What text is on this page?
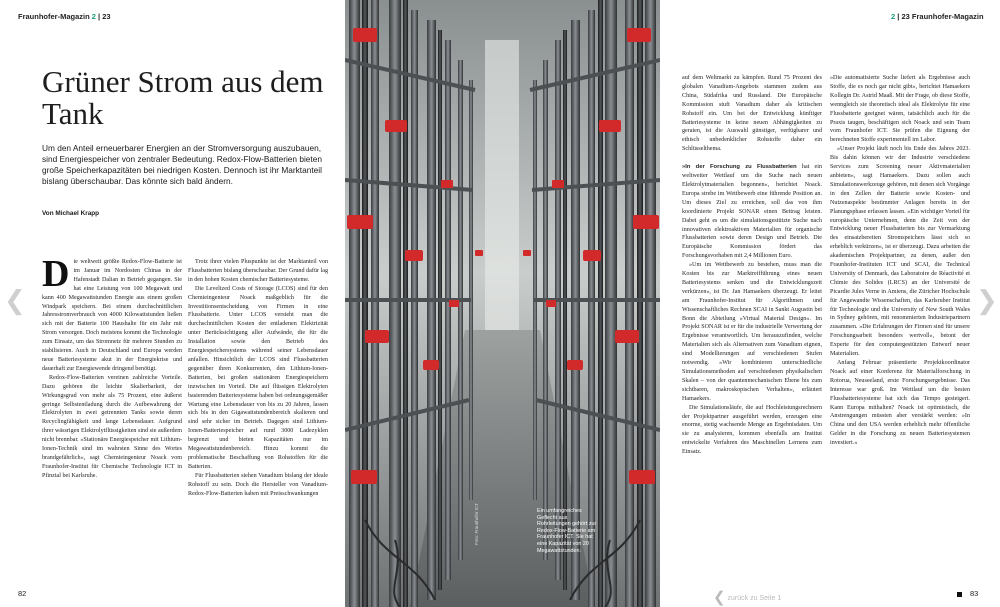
Fraunhofer-Magazin 2 | 23	2 | 23 Fraunhofer-Magazin
Grüner Strom aus dem Tank
Um den Anteil erneuerbarer Energien an der Stromversorgung auszubauen, sind Energiespeicher von zentraler Bedeutung. Redox-Flow-Batterien bieten große Speicherkapazitäten bei niedrigen Kosten. Dennoch ist ihr Marktanteil bislang überschaubar. Das könnte sich bald ändern.
Von Michael Krapp

Die weltweit größte Redox-Flow-Batterie ist im Januar im Nordosten Chinas in der Hafenstadt Dalian in Betrieb gegangen. Sie hat eine Leistung von 100 Megawatt und kann 400 Megawattstunden Energie aus einem großen Windpark speichern. Bei einem durchschnittlichen Jahresstromverbrauch von 4000 Kilowattstunden ließen sich mit der Batterie 100 Haushalte für ein Jahr mit Strom versorgen. Doch meistens kommt die Technologie zum Einsatz, um das Stromnetz für mehrere Stunden zu stabilisieren. Auch in Deutschland und Europa werden neue Batteriesysteme akut in der Energiekrise und dauerhaft zur Energiewende dringend benötigt.

Redox-Flow-Batterien vereinen zahlreiche Vorteile. Dazu gehören die leichte Skalierbarkeit, der Wirkungsgrad von mehr als 75 Prozent, eine äußerst geringe Selbstentladung durch die Aufbewahrung der Elektrolyten in zwei getrennten Tanks sowie deren Recyclingfähigkeit und lange Lebensdauer. Aufgrund ihrer wässrigen Elektrolytflüssigkeiten sind sie außerdem nicht brennbar. »Stationäre Energiespeicher mit Lithium-Ionen-Technik sind im wahrsten Sinne des Wortes brandgefährlich«, sagt Chemieingenieur Noack vom Fraunhofer-Institut für Chemische Technologie ICT in Pfinztal bei Karlsruhe.

Trotz ihrer vielen Pluspunkte ist der Marktanteil von Flussbatterien bislang überschaubar. Der Grund dafür lag in den hohen Kosten chemischer Batteriesysteme.

Die Levelized Costs of Storage (LCOS) sind für den Chemieingenieur Noack maßgeblich für die Investitionsentscheidung von Firmen in eine Flussbatterie. Unter LCOS versteht man die durchschnittlichen Kosten der entladenen Elektrizität unter Berücksichtigung aller Aufwände, die für die Installation sowie den Betrieb des Energiespeichersystems während seiner Lebensdauer anfallen. Hinsichtlich der LCOS sind Flussbatterien gegenüber ihren Konkurrenten, den Lithium-Ionen-Batterien, bei großen stationären Energiespeichern inzwischen im Vorteil. Die auf flüssigen Elektrolyten basierenden Batteriesysteme haben bei ordnungsgemäßer Wartung eine Lebensdauer von bis zu 20 Jahren, lassen sich bis in den Gigawattstundenbereich skalieren und sind sehr sicher im Betrieb. Dagegen sind Lithium-Ionen-Batteriespeicher auf rund 3000 Ladezyklen begrenzt und bieten Kapazitäten nur im Megawattstundenbereich. Hinzu kommt die problematische Beschaffung von Rohstoffen für die Batterien.

Für Flussbatterien stehen Vanadium bislang der ideale Rohstoff zu sein. Doch die Hersteller von Vanadium-Redox-Flow-Batterien haben mit Preisschwankungen

Ein umfangreiches Geflecht aus Rohrleitungen gehört zur Redox-Flow-Batterie am Fraunhofer ICT. Sie hat eine Kapazität von 20 Megawattstunden.
Foto: Fraunhofer ICT

auf dem Weltmarkt zu kämpfen. Rund 75 Prozent des globalen Vanadium-Angebots stammen zudem aus China, Südafrika und Russland. Die Europäische Kommission stuft Vanadium daher als kritischen Rohstoff ein. Um bei der Entwicklung künftiger Batteriesysteme in keine neuen Abhängigkeiten zu geraten, ist die Auswahl günstiger, verfügbarer und ethisch unbedenklicher Rohstoffe daher ein Schlüsselthema.

»In der Forschung zu Flussbatterien hat ein weltweiter Wettlauf um die Suche nach neuen Elektrolytmaterialien begonnen«, berichtet Noack. Europa strebe im Wettbewerb eine führende Position an. Um dieses Ziel zu erreichen, soll das von ihm koordinierte Projekt SONAR einen Beitrag leisten. Dabei geht es um die simulationsgestützte Suche nach innovativen elektroaktiven Materialien für organische Flussbatterien sowie deren Design und Betrieb. Die Europäische Kommission fördert das Forschungsvorhaben mit 2,4 Millionen Euro.

»Um im Wettbewerb zu bestehen, muss man die Kosten bis zur Marktreifführung eines neuen Batteriesystems senken und die Entwicklungszeit verkürzen«, ist Dr. Jan Hamaekers überzeugt. Er leitet am Fraunhofer-Institut für Algorithmen und Wissenschaftliches Rechnen SCAI in Sankt Augustin bei Bonn die Abteilung »Virtual Material Design«. Im Projekt SONAR ist er für die industrielle Verwertung der Ergebnisse verantwortlich. Um herauszufinden, welche Materialien sich als Alternativen zum Vanadium eignen, sind Modellierungen auf verschiedenen Stufen notwendig. »Wir kombinieren unterschiedliche Simulationsmethoden auf verschiedenen physikalischen Skalen – von der quantenmechanischen Ebene bis zum sichtbaren, makroskopischen Verhalten«, erläutert Hamaekers.

Die Simulationsläufe, die auf Hochleistungsrechnern der Projektpartner ausgeführt werden, erzeugen eine enorme, stetig wachsende Menge an Ergebnisdaten. Um sie zu analysieren, kommen ebenfalls am Institut entwickelte Verfahren des Maschinellen Lernens zum Einsatz.

»Die automatisierte Suche liefert als Ergebnisse auch Stoffe, die es noch gar nicht gibt«, berichtet Hamaekers Kollegin Dr. Astrid Maaß. Mit der Frage, ob diese Stoffe, wenngleich sie theoretisch ideal als Elektrolyte für eine Flussbatterie geeignet wären, tatsächlich auch für die Praxis taugen, beschäftigen sich Noack und sein Team vom Fraunhofer ICT. Sie prüfen die Eignung der berechneten Stoffe experimentell im Labor.

»Unser Projekt läuft noch bis Ende des Jahres 2023. Bis dahin können wir der Industrie verschiedene Services zum Screening neuer Aktivmaterialien anbieten«, sagt Hamaekers. Dazu sollen auch Simulationswerkzeuge gehören, mit denen sich Vorgänge in den Zellen der Batterie sowie Kosten- und Nutzenaspekte bestimmter Anlagen bereits in der Planungsphase erfassen lassen. »Ein wichtiger Vorteil für europäische Unternehmen, denn die Zeit von der Entwicklung neuer Flussbatterien bis zur Vermarktung des einsatzbereiten Stromspeichers lässt sich so erheblich verkürzen«, ist er überzeugt. Dazu arbeiten die akademischen Projektpartner, zu denen, außer den Fraunhofer-Instituten ICT und SCAI, die Technical University of Denmark, das Laboratoire de Réactivité et Chimie des Solides (LRCS) an der Université de Picardie Jules Verne in Amiens, die Züricher Hochschule für Angewandte Wissenschaften, das Karlsruher Institut für Technologie und die University of New South Wales in Sydney gehören, mit renommierten Industriepartnern zusammen. »Die Erfahrungen der Firmen sind für unsere Forschungsarbeit besonders wertvoll«, betont der Experte für den computergestützten Entwurf neuer Materialien.

Anfang Februar präsentierte Projektkoordinator Noack auf einer Konferenz für Materialforschung in Rotorua, Neuseeland, erste Forschungsergebnisse. Das Interesse war groß. Im Wettlauf um die besten Flussbatteriesysteme hat sich das Tempo gesteigert. Kann Europa mithalten? Noack ist optimistisch, die Anstrengungen müssten aber verstärkt werden: »In China und den USA werden erheblich mehr öffentliche Gelder in die Forschung zu neuen Batteriesystemen investiert.«

❮	❯
82	83
❮ zurück zu Seite 1
